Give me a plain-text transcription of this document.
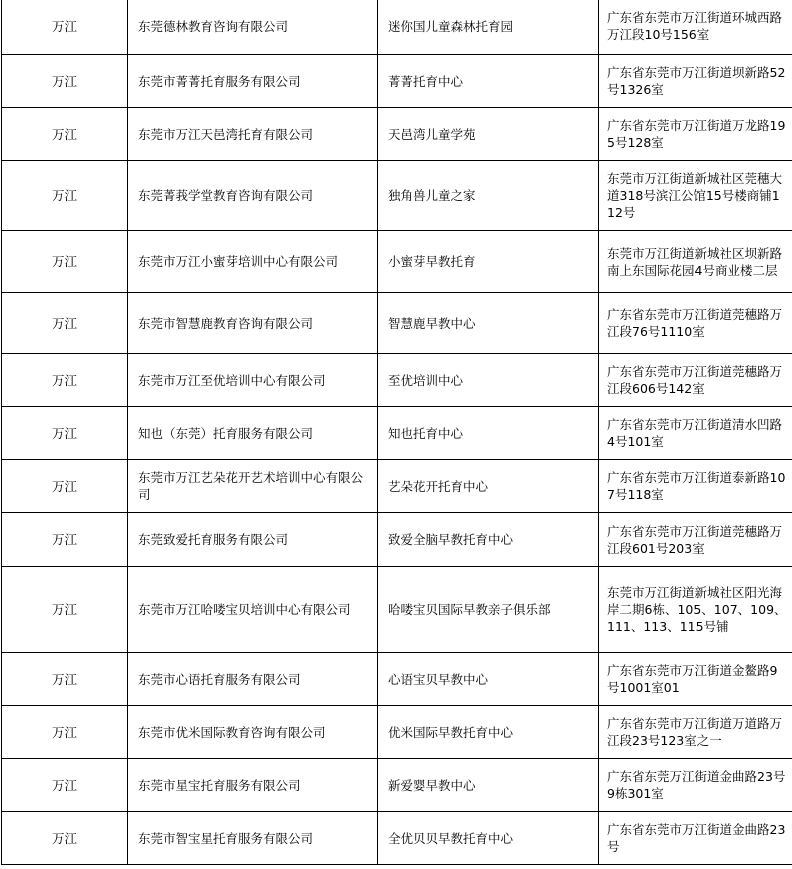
万江	东莞德林教育咨询有限公司	迷你国儿童森林托育园	广东省东莞市万江街道环城西路万江段10号156室
万江	东莞市菁菁托育服务有限公司	菁菁托育中心	广东省东莞市万江街道坝新路52号1326室
万江	东莞市万江天邑湾托育有限公司	天邑湾儿童学苑	广东省东莞市万江街道万龙路195号128室
万江	东莞菁莪学堂教育咨询有限公司	独角兽儿童之家	东莞市万江街道新城社区莞穗大道318号滨江公馆15号楼商铺112号
万江	东莞市万江小蜜芽培训中心有限公司	小蜜芽早教托育	东莞市万江街道新城社区坝新路南上东国际花园4号商业楼二层
万江	东莞市智慧鹿教育咨询有限公司	智慧鹿早教中心	广东省东莞市万江街道莞穗路万江段76号1110室
万江	东莞市万江至优培训中心有限公司	至优培训中心	广东省东莞市万江街道莞穗路万江段606号142室
万江	知也（东莞）托育服务有限公司	知也托育中心	广东省东莞市万江街道清水凹路4号101室
万江	东莞市万江艺朵花开艺术培训中心有限公司	艺朵花开托育中心	广东省东莞市万江街道泰新路107号118室
万江	东莞致爱托育服务有限公司	致爱全脑早教托育中心	广东省东莞市万江街道莞穗路万江段601号203室
万江	东莞市万江哈喽宝贝培训中心有限公司	哈喽宝贝国际早教亲子俱乐部	东莞市万江街道新城社区阳光海岸二期6栋、105、107、109、111、113、115号铺
万江	东莞市心语托育服务有限公司	心语宝贝早教中心	广东省东莞市万江街道金鳌路9号1001室01
万江	东莞市优米国际教育咨询有限公司	优米国际早教托育中心	广东省东莞市万江街道万道路万江段23号123室之一
万江	东莞市星宝托育服务有限公司	新爱婴早教中心	广东省东莞万江街道金曲路23号9栋301室
万江	东莞市智宝星托育服务有限公司	全优贝贝早教托育中心	广东省东莞市万江街道金曲路23号
